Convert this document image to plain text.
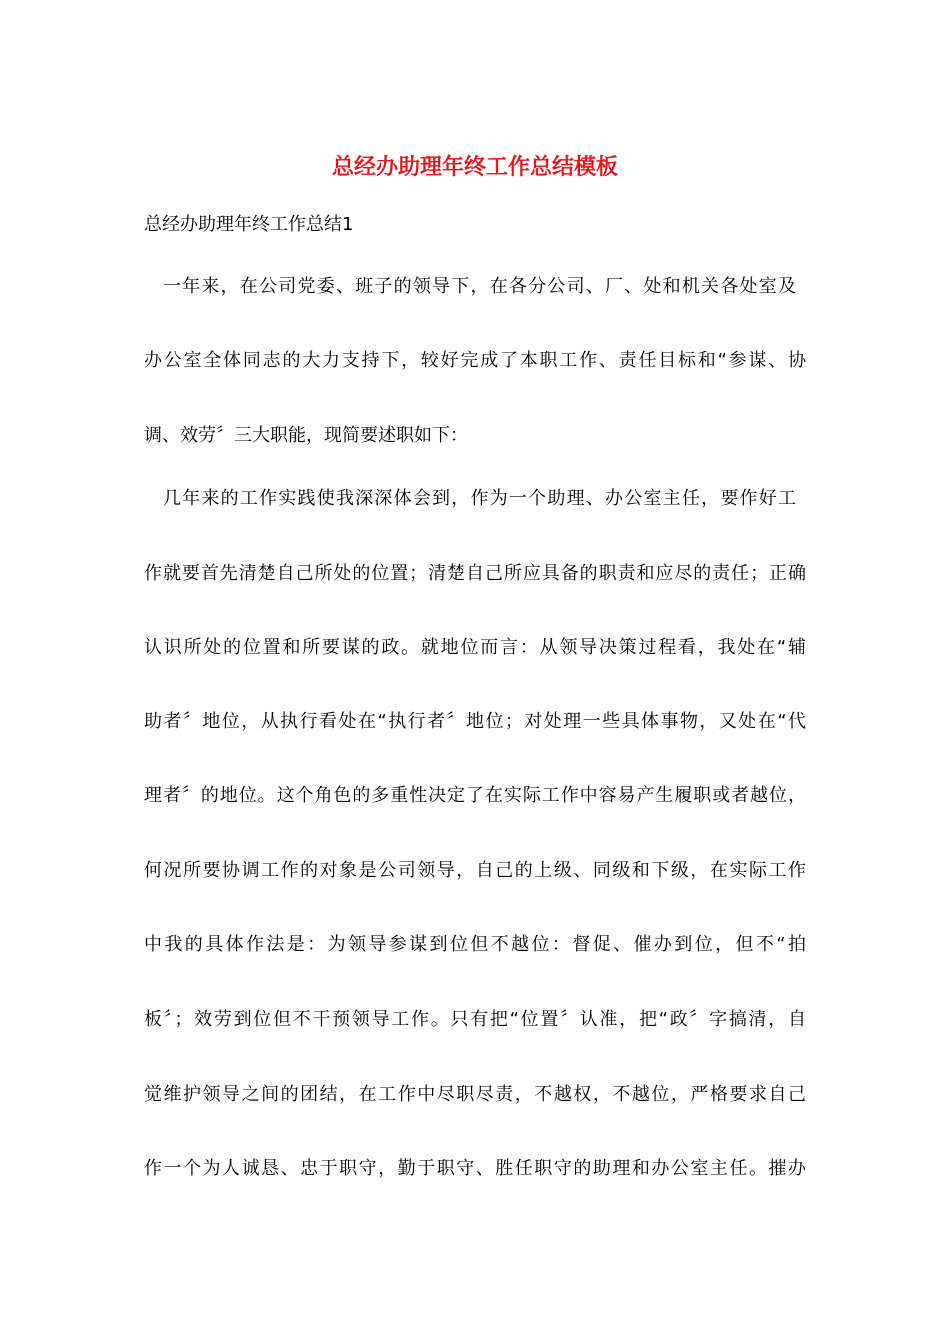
总经办助理年终工作总结模板
总经办助理年终工作总结1
一年来，在公司党委、班子的领导下，在各分公司、厂、处和机关各处室及
办公室全体同志的大力支持下，较好完成了本职工作、责任目标和“参谋、协
调、效劳〞三大职能，现简要述职如下：
几年来的工作实践使我深深体会到，作为一个助理、办公室主任，要作好工
作就要首先清楚自己所处的位置；清楚自己所应具备的职责和应尽的责任；正确
认识所处的位置和所要谋的政。就地位而言：从领导决策过程看，我处在“辅
助者〞地位，从执行看处在“执行者〞地位；对处理一些具体事物，又处在“代
理者〞的地位。这个角色的多重性决定了在实际工作中容易产生履职或者越位，
何况所要协调工作的对象是公司领导，自己的上级、同级和下级，在实际工作
中我的具体作法是：为领导参谋到位但不越位：督促、催办到位，但不“拍
板〞；效劳到位但不干预领导工作。只有把“位置〞认准，把“政〞字搞清，自
觉维护领导之间的团结，在工作中尽职尽责，不越权，不越位，严格要求自己
作一个为人诚恳、忠于职守，勤于职守、胜任职守的助理和办公室主任。摧办
